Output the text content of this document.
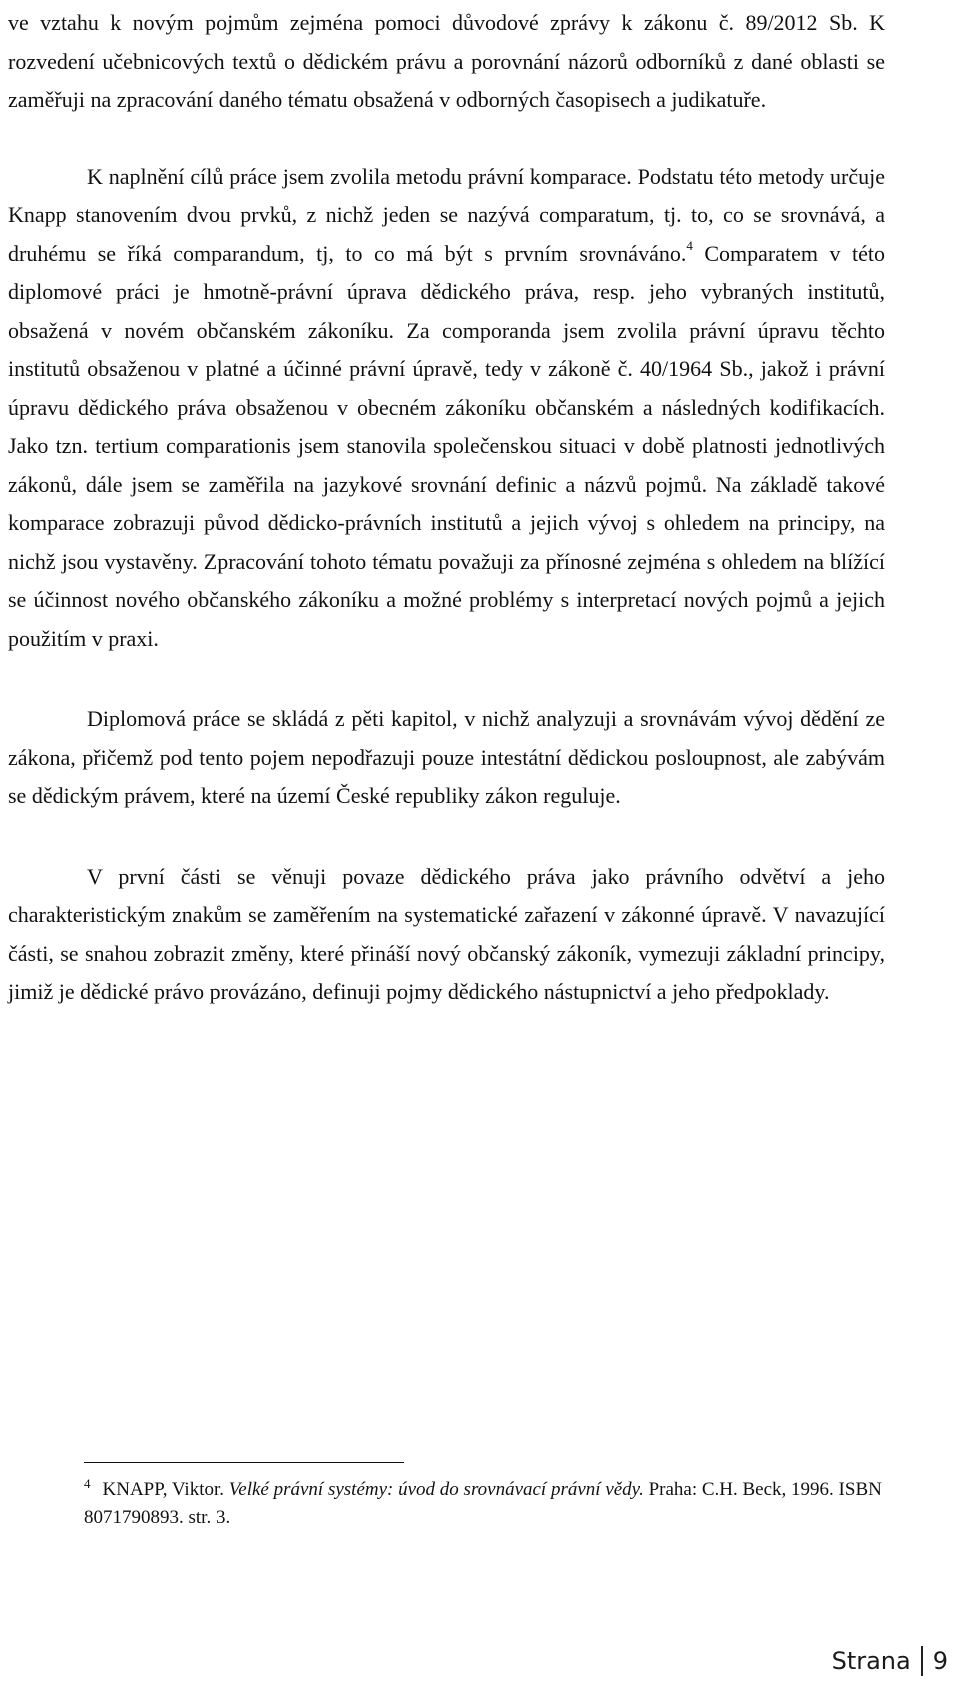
ve vztahu k novým pojmům zejména pomoci důvodové zprávy k zákonu č. 89/2012 Sb. K rozvedení učebnicových textů o dědickém právu a porovnání názorů odborníků z dané oblasti se zaměřuji na zpracování daného tématu obsažená v odborných časopisech a judikatuře.

K naplnění cílů práce jsem zvolila metodu právní komparace. Podstatu této metody určuje Knapp stanovením dvou prvků, z nichž jeden se nazývá comparatum, tj. to, co se srovnává, a druhému se říká comparandum, tj, to co má být s prvním srovnáváno.$^4$ Comparatem v této diplomové práci je hmotně-právní úprava dědického práva, resp. jeho vybraných institutů, obsažená v novém občanském zákoníku. Za comporanda jsem zvolila právní úpravu těchto institutů obsaženou v platné a účinné právní úpravě, tedy v zákoně č. 40/1964 Sb., jakož i právní úpravu dědického práva obsaženou v obecném zákoníku občanském a následných kodifikacích. Jako tzn. tertium comparationis jsem stanovila společenskou situaci v době platnosti jednotlivých zákonů, dále jsem se zaměřila na jazykové srovnání definic a názvů pojmů. Na základě takové komparace zobrazuji původ dědicko-právních institutů a jejich vývoj s ohledem na principy, na nichž jsou vystavěny. Zpracování tohoto tématu považuji za přínosné zejména s ohledem na blížící se účinnost nového občanského zákoníku a možné problémy s interpretací nových pojmů a jejich použitím v praxi.

Diplomová práce se skládá z pěti kapitol, v nichž analyzuji a srovnávám vývoj dědění ze zákona, přičemž pod tento pojem nepodřazuji pouze intestátní dědickou posloupnost, ale zabývám se dědickým právem, které na území České republiky zákon reguluje.

V první části se věnuji povaze dědického práva jako právního odvětví a jeho charakteristickým znakům se zaměřením na systematické zařazení v zákonné úpravě. V navazující části, se snahou zobrazit změny, které přináší nový občanský zákoník, vymezuji základní principy, jimiž je dědické právo provázáno, definuji pojmy dědického nástupnictví a jeho předpoklady.

$^4$ KNAPP, Viktor. Velké právní systémy: úvod do srovnávací právní vědy. Praha: C.H. Beck, 1996. ISBN 8071790893. str. 3.
Strana 9
